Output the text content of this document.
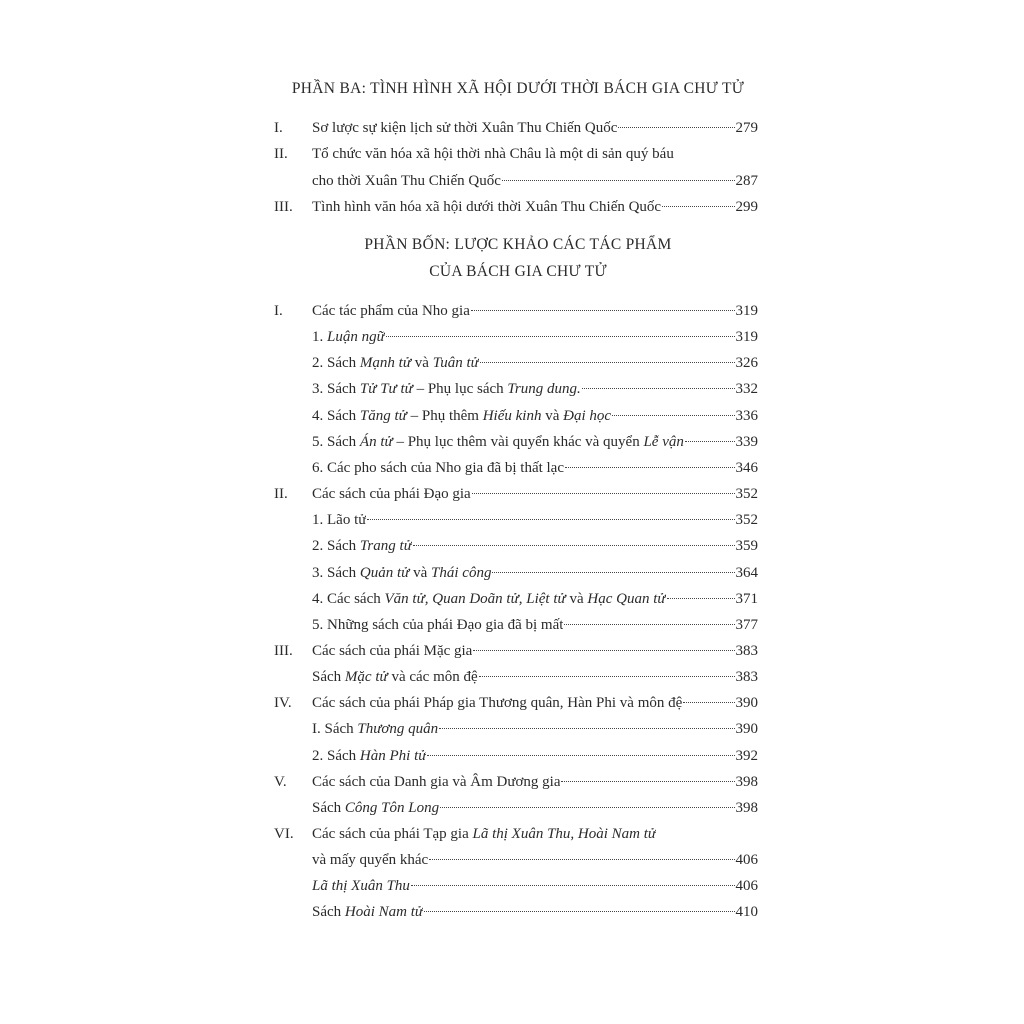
PHẦN BA: TÌNH HÌNH XÃ HỘI DƯỚI THỜI BÁCH GIA CHƯ TỬ
I. Sơ lược sự kiện lịch sử thời Xuân Thu Chiến Quốc	279
II. Tổ chức văn hóa xã hội thời nhà Châu là một di sản quý báu
cho thời Xuân Thu Chiến Quốc	287
III. Tình hình văn hóa xã hội dưới thời Xuân Thu Chiến Quốc	299
PHẦN BỐN: LƯỢC KHẢO CÁC TÁC PHẨM
CỦA BÁCH GIA CHƯ TỬ
I. Các tác phẩm của Nho gia	319
1. Luận ngữ	319
2. Sách Mạnh tử và Tuân tử	326
3. Sách Tử Tư tử – Phụ lục sách Trung dung.	332
4. Sách Tăng tử – Phụ thêm Hiếu kinh và Đại học	336
5. Sách Án tử – Phụ lục thêm vài quyển khác và quyển Lễ vận	339
6. Các pho sách của Nho gia đã bị thất lạc	346
II. Các sách của phái Đạo gia	352
1. Lão tử	352
2. Sách Trang tử	359
3. Sách Quản tử và Thái công	364
4. Các sách Văn tử, Quan Doãn tử, Liệt tử và Hạc Quan tử	371
5. Những sách của phái Đạo gia đã bị mất	377
III. Các sách của phái Mặc gia	383
Sách Mặc tử và các môn đệ	383
IV. Các sách của phái Pháp gia Thương quân, Hàn Phi và môn đệ	390
I. Sách Thương quân	390
2. Sách Hàn Phi tử	392
V. Các sách của Danh gia và Âm Dương gia	398
Sách Công Tôn Long	398
VI. Các sách của phái Tạp gia Lã thị Xuân Thu, Hoài Nam tử
và mấy quyển khác	406
Lã thị Xuân Thu	406
Sách Hoài Nam tử	410
